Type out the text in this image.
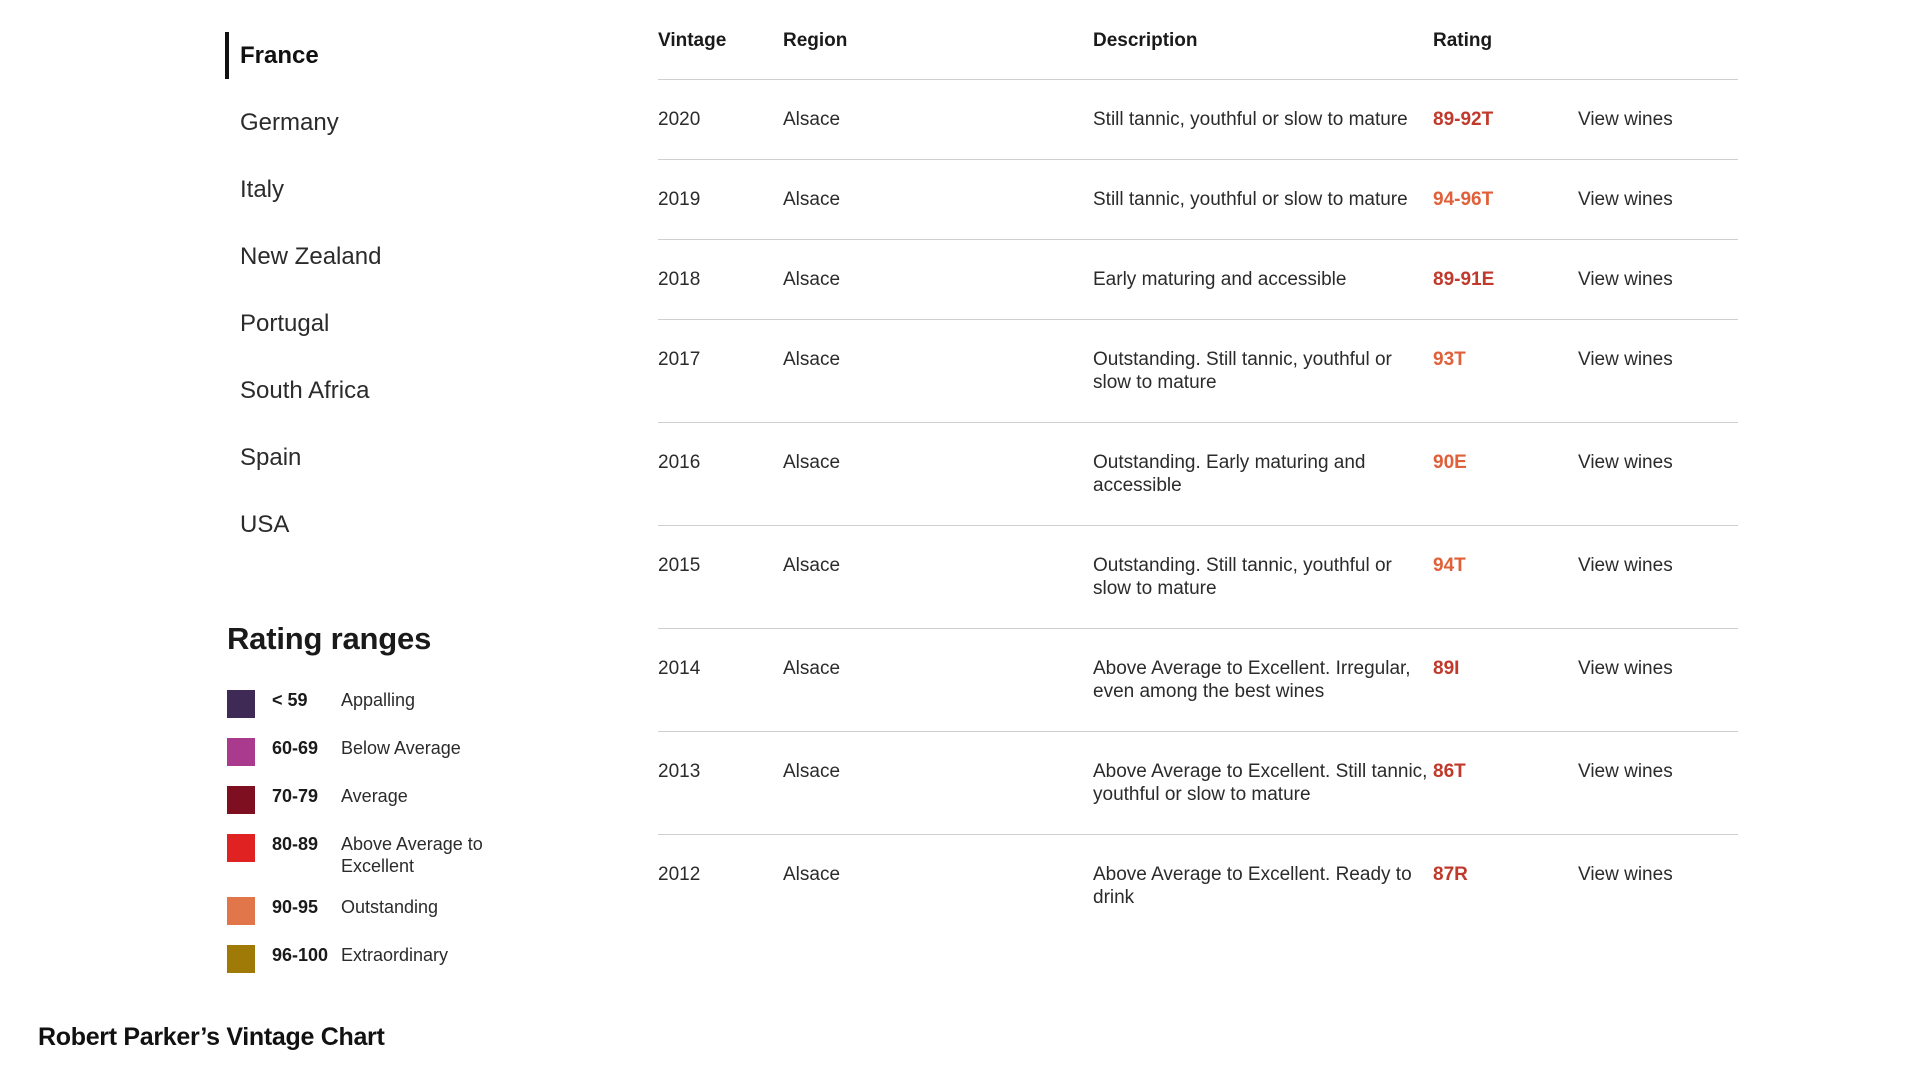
France
Germany
Italy
New Zealand
Portugal
South Africa
Spain
USA
Rating ranges
< 59	Appalling
60-69	Below Average
70-79	Average
80-89	Above Average to Excellent
90-95	Outstanding
96-100 Extraordinary
Robert Parker’s Vintage Chart
Vintage	Region	Description	Rating	
2020	Alsace	Still tannic, youthful or slow to mature	89-92T	View wines
2019	Alsace	Still tannic, youthful or slow to mature	94-96T	View wines
2018	Alsace	Early maturing and accessible	89-91E	View wines
2017	Alsace	Outstanding. Still tannic, youthful or slow to mature	93T	View wines
2016	Alsace	Outstanding. Early maturing and accessible	90E	View wines
2015	Alsace	Outstanding. Still tannic, youthful or slow to mature	94T	View wines
2014	Alsace	Above Average to Excellent. Irregular, even among the best wines	89I	View wines
2013	Alsace	Above Average to Excellent. Still tannic, youthful or slow to mature	86T	View wines
2012	Alsace	Above Average to Excellent. Ready to drink	87R	View wines
